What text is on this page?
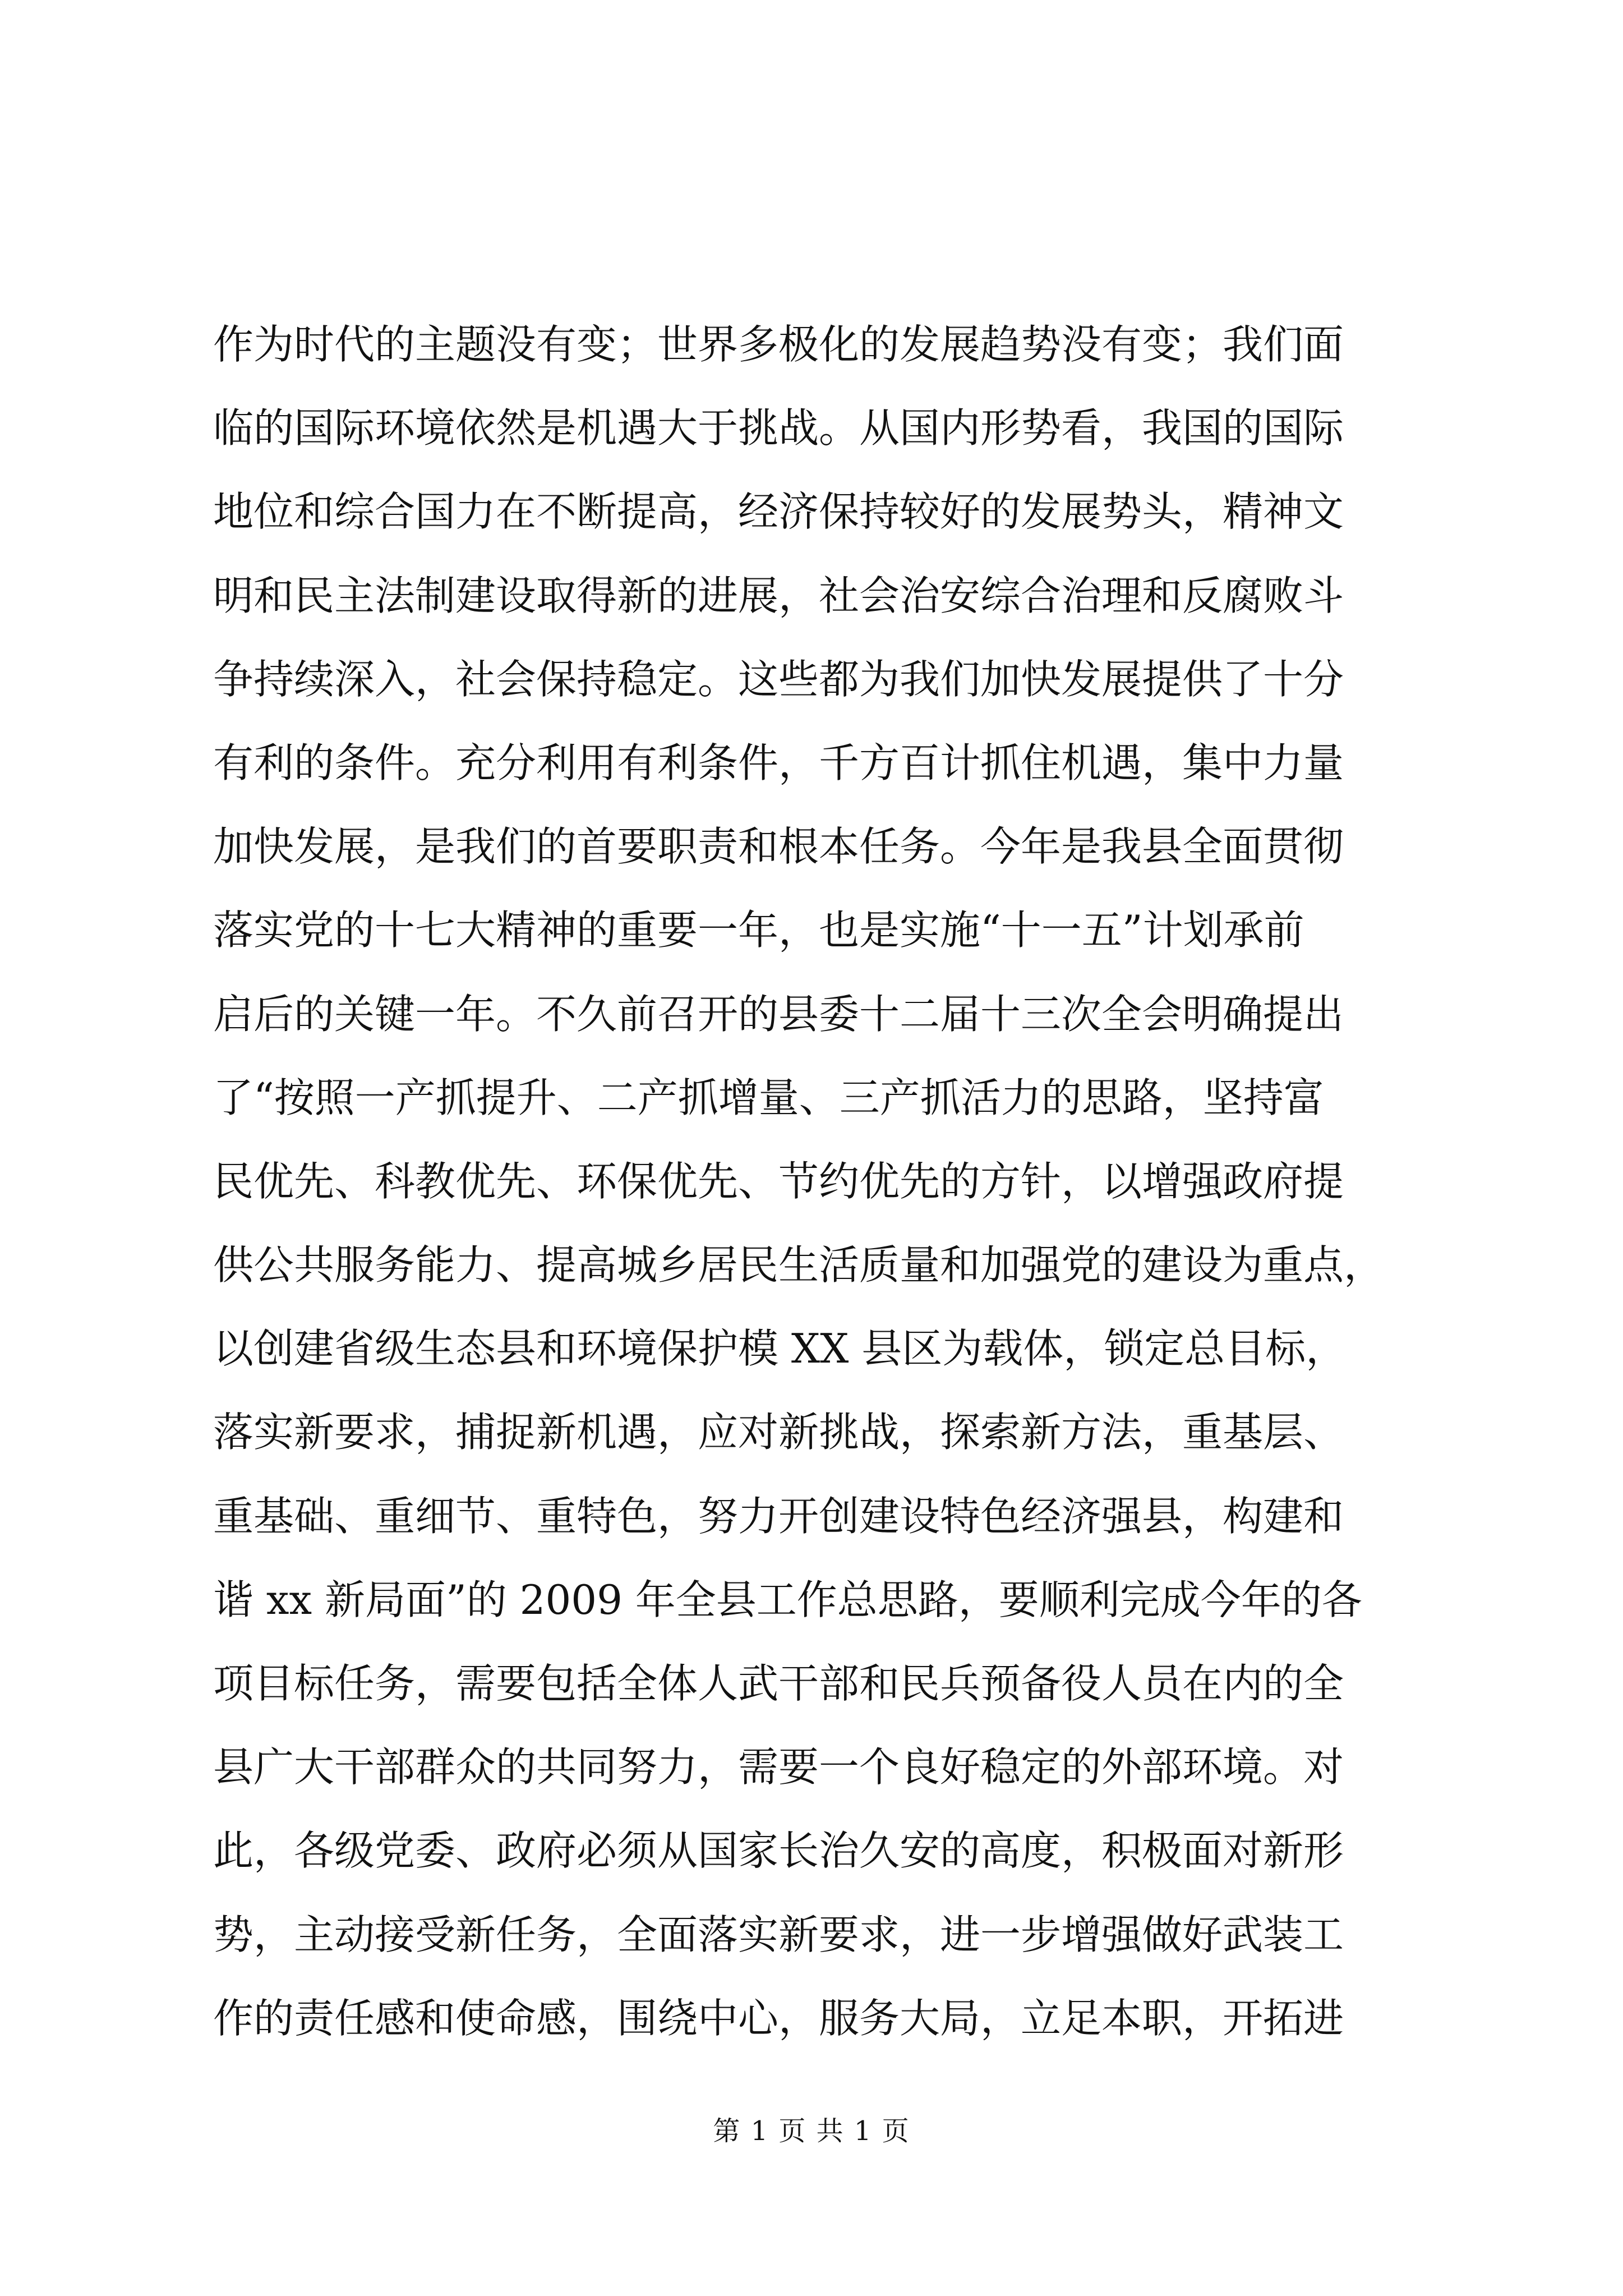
作为时代的主题没有变；世界多极化的发展趋势没有变；我们面
临的国际环境依然是机遇大于挑战。从国内形势看，我国的国际
地位和综合国力在不断提高，经济保持较好的发展势头，精神文
明和民主法制建设取得新的进展，社会治安综合治理和反腐败斗
争持续深入，社会保持稳定。这些都为我们加快发展提供了十分
有利的条件。充分利用有利条件，千方百计抓住机遇，集中力量
加快发展，是我们的首要职责和根本任务。今年是我县全面贯彻
落实党的十七大精神的重要一年，也是实施“十一五”计划承前
启后的关键一年。不久前召开的县委十二届十三次全会明确提出
了“按照一产抓提升、二产抓增量、三产抓活力的思路，坚持富
民优先、科教优先、环保优先、节约优先的方针，以增强政府提
供公共服务能力、提高城乡居民生活质量和加强党的建设为重点，
以创建省级生态县和环境保护模 XX 县区为载体，锁定总目标，
落实新要求，捕捉新机遇，应对新挑战，探索新方法，重基层、
重基础、重细节、重特色，努力开创建设特色经济强县，构建和
谐 xx 新局面”的 2009 年全县工作总思路，要顺利完成今年的各
项目标任务，需要包括全体人武干部和民兵预备役人员在内的全
县广大干部群众的共同努力，需要一个良好稳定的外部环境。对
此，各级党委、政府必须从国家长治久安的高度，积极面对新形
势，主动接受新任务，全面落实新要求，进一步增强做好武装工
作的责任感和使命感，围绕中心，服务大局，立足本职，开拓进
第 1 页 共 1 页
